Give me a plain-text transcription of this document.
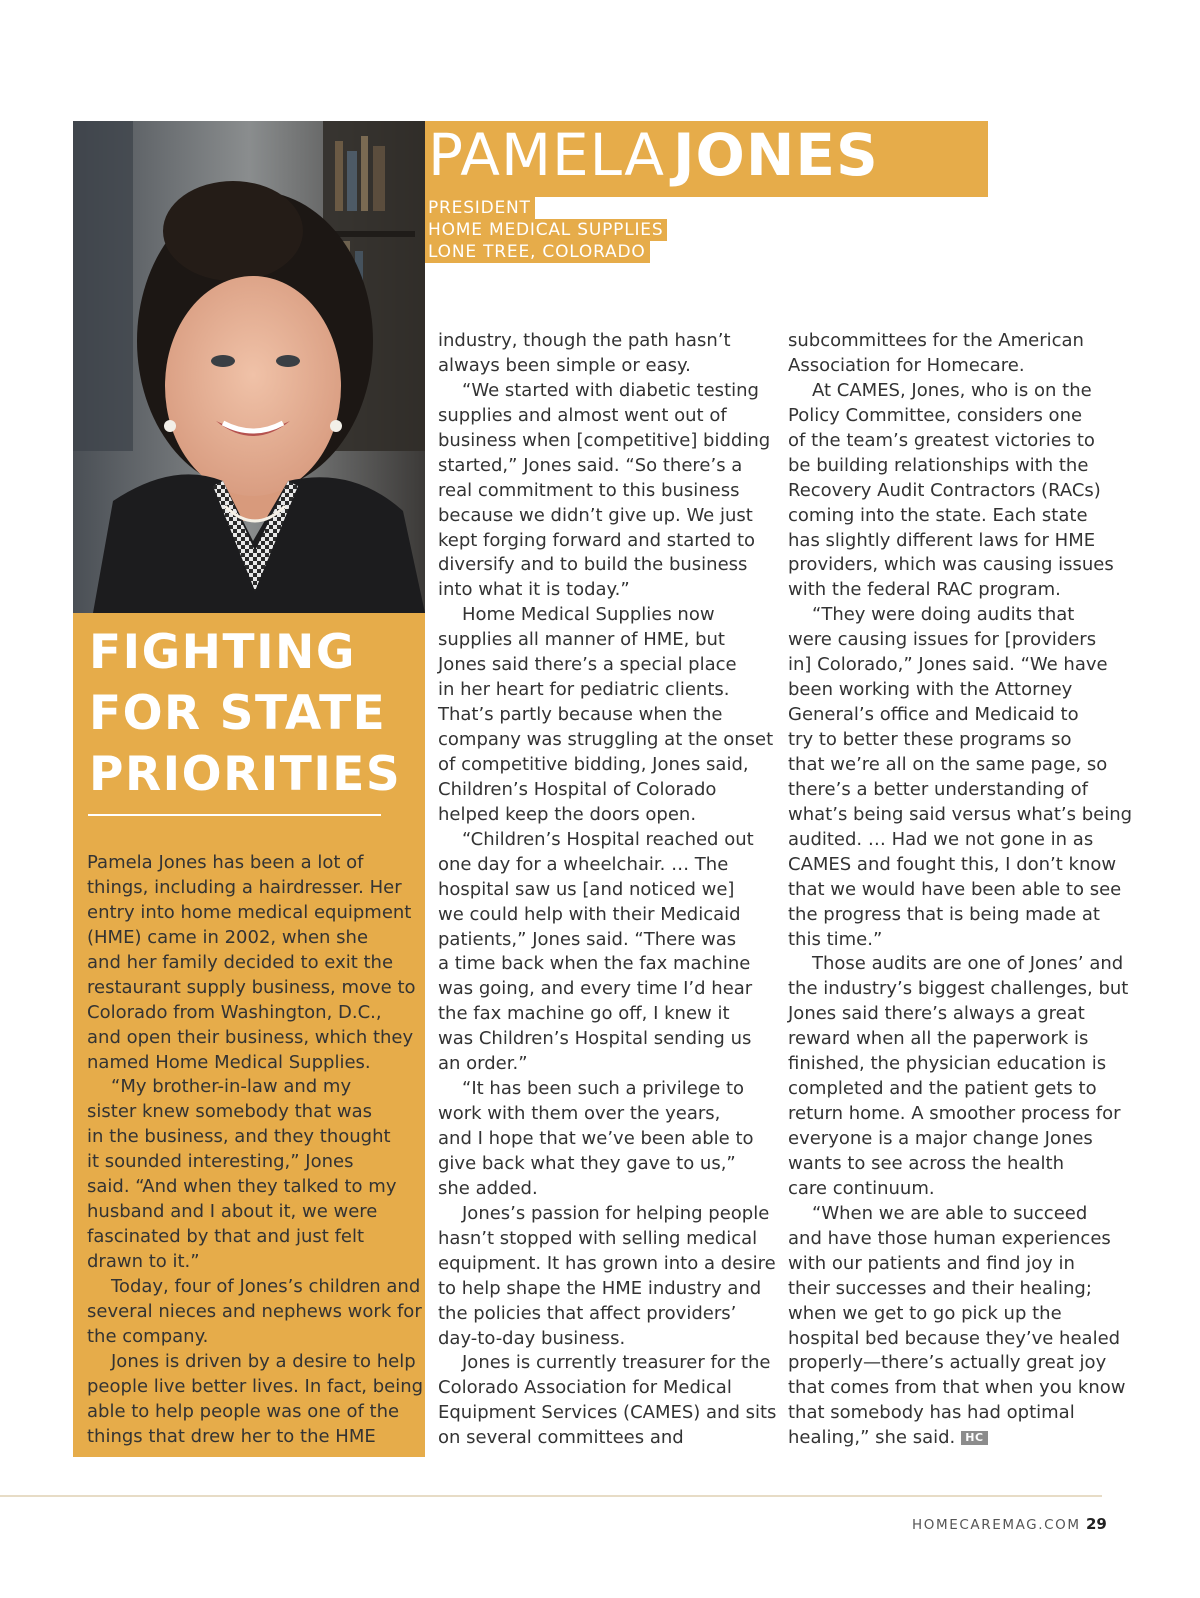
FIGHTING
FOR STATE
PRIORITIES
PAMELA JONES
PRESIDENT
HOME MEDICAL SUPPLIES
LONE TREE, COLORADO
Pamela Jones has been a lot of
things, including a hairdresser. Her
entry into home medical equipment
(HME) came in 2002, when she
and her family decided to exit the
restaurant supply business, move to
Colorado from Washington, D.C.,
and open their business, which they
named Home Medical Supplies.
“My brother-in-law and my
sister knew somebody that was
in the business, and they thought
it sounded interesting,” Jones
said. “And when they talked to my
husband and I about it, we were
fascinated by that and just felt
drawn to it.”
Today, four of Jones’s children and
several nieces and nephews work for
the company.
Jones is driven by a desire to help
people live better lives. In fact, being
able to help people was one of the
things that drew her to the HME
industry, though the path hasn’t
always been simple or easy.
“We started with diabetic testing
supplies and almost went out of
business when [competitive] bidding
started,” Jones said. “So there’s a
real commitment to this business
because we didn’t give up. We just
kept forging forward and started to
diversify and to build the business
into what it is today.”
Home Medical Supplies now
supplies all manner of HME, but
Jones said there’s a special place
in her heart for pediatric clients.
That’s partly because when the
company was struggling at the onset
of competitive bidding, Jones said,
Children’s Hospital of Colorado
helped keep the doors open.
“Children’s Hospital reached out
one day for a wheelchair. … The
hospital saw us [and noticed we]
we could help with their Medicaid
patients,” Jones said. “There was
a time back when the fax machine
was going, and every time I’d hear
the fax machine go off, I knew it
was Children’s Hospital sending us
an order.”
“It has been such a privilege to
work with them over the years,
and I hope that we’ve been able to
give back what they gave to us,”
she added.
Jones’s passion for helping people
hasn’t stopped with selling medical
equipment. It has grown into a desire
to help shape the HME industry and
the policies that affect providers’
day-to-day business.
Jones is currently treasurer for the
Colorado Association for Medical
Equipment Services (CAMES) and sits
on several committees and
subcommittees for the American
Association for Homecare.
At CAMES, Jones, who is on the
Policy Committee, considers one
of the team’s greatest victories to
be building relationships with the
Recovery Audit Contractors (RACs)
coming into the state. Each state
has slightly different laws for HME
providers, which was causing issues
with the federal RAC program.
“They were doing audits that
were causing issues for [providers
in] Colorado,” Jones said. “We have
been working with the Attorney
General’s office and Medicaid to
try to better these programs so
that we’re all on the same page, so
there’s a better understanding of
what’s being said versus what’s being
audited. … Had we not gone in as
CAMES and fought this, I don’t know
that we would have been able to see
the progress that is being made at
this time.”
Those audits are one of Jones’ and
the industry’s biggest challenges, but
Jones said there’s always a great
reward when all the paperwork is
finished, the physician education is
completed and the patient gets to
return home. A smoother process for
everyone is a major change Jones
wants to see across the health
care continuum.
“When we are able to succeed
and have those human experiences
with our patients and find joy in
their successes and their healing;
when we get to go pick up the
hospital bed because they’ve healed
properly—there’s actually great joy
that comes from that when you know
that somebody has had optimal
healing,” she said. HC
HOMECAREMAG.COM 29
